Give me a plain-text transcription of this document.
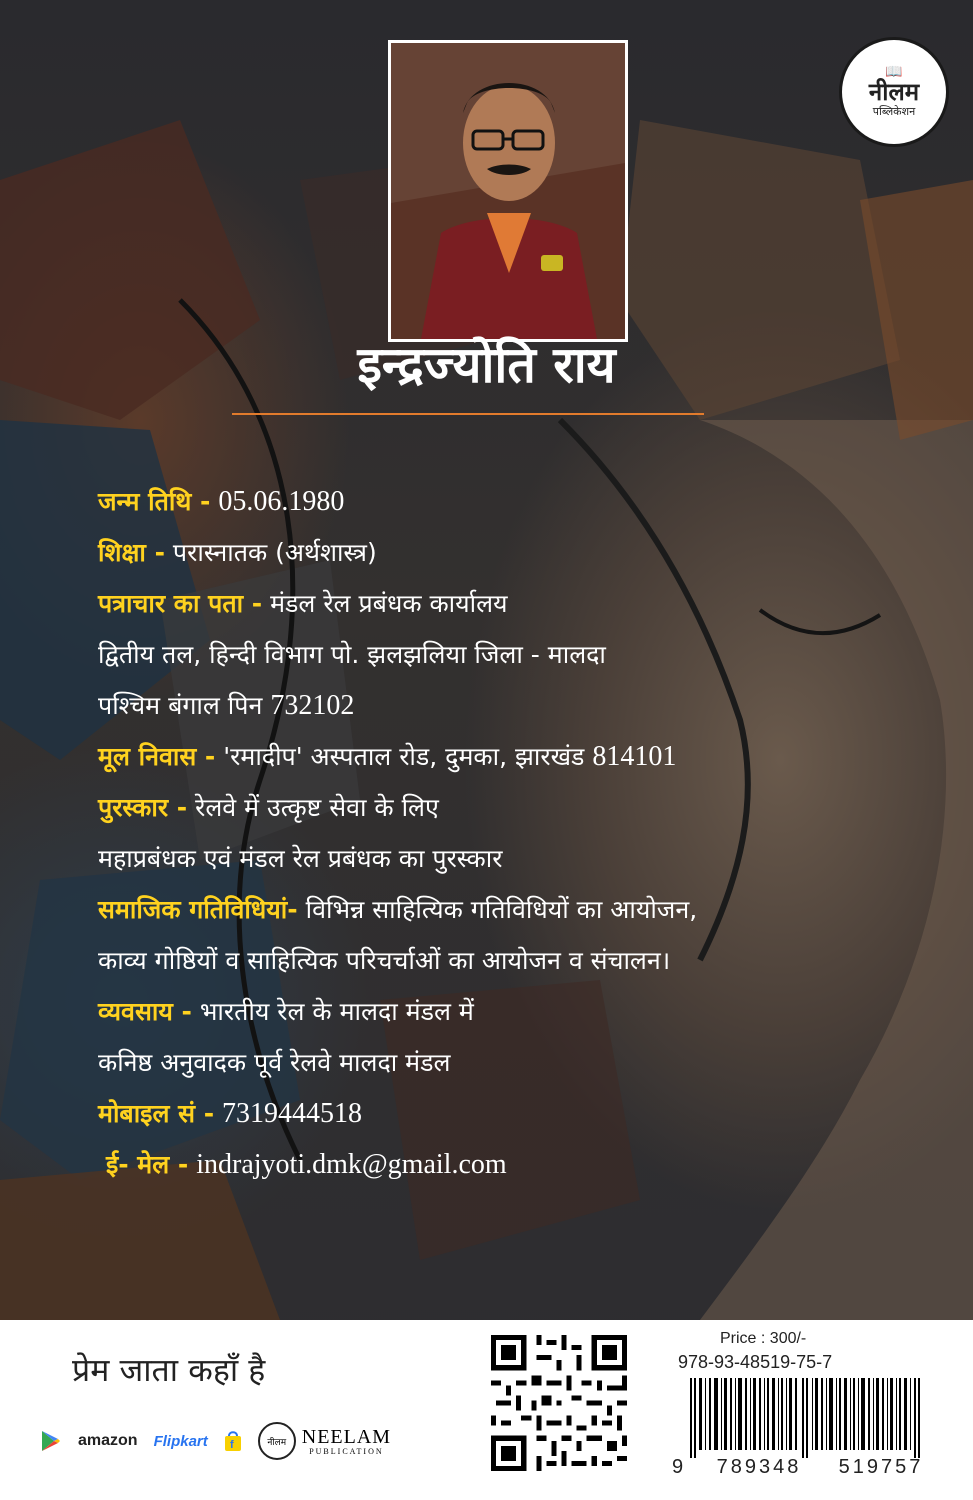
📖
नीलम
पब्लिकेशन
इन्द्रज्योति राय
जन्म तिथि -
05.06.1980
शिक्षा -
परास्नातक (अर्थशास्त्र)
पत्राचार का पता -
मंडल रेल प्रबंधक कार्यालय
द्वितीय तल, हिन्दी विभाग पो. झलझलिया जिला - मालदा
पश्चिम बंगाल पिन
732102
मूल निवास -
'रमादीप' अस्पताल रोड, दुमका, झारखंड
814101
पुरस्कार -
रेलवे में उत्कृष्ट सेवा के लिए
महाप्रबंधक एवं मंडल रेल प्रबंधक का पुरस्कार
समाजिक गतिविधियां-
विभिन्न साहित्यिक गतिविधियों का आयोजन,
काव्य गोष्ठियों व साहित्यिक परिचर्चाओं का आयोजन व संचालन।
व्यवसाय -
भारतीय रेल के मालदा मंडल में
कनिष्ठ अनुवादक पूर्व रेलवे मालदा मंडल
मोबाइल सं -
7319444518

ई- मेल -
indrajyoti.dmk@gmail.com
प्रेम जाता कहाँ है
amazon Flipkart f	नीलम NEELAM
PUBLICATION
Price : 300/-
978-93-48519-75-7
9	789348	519757
